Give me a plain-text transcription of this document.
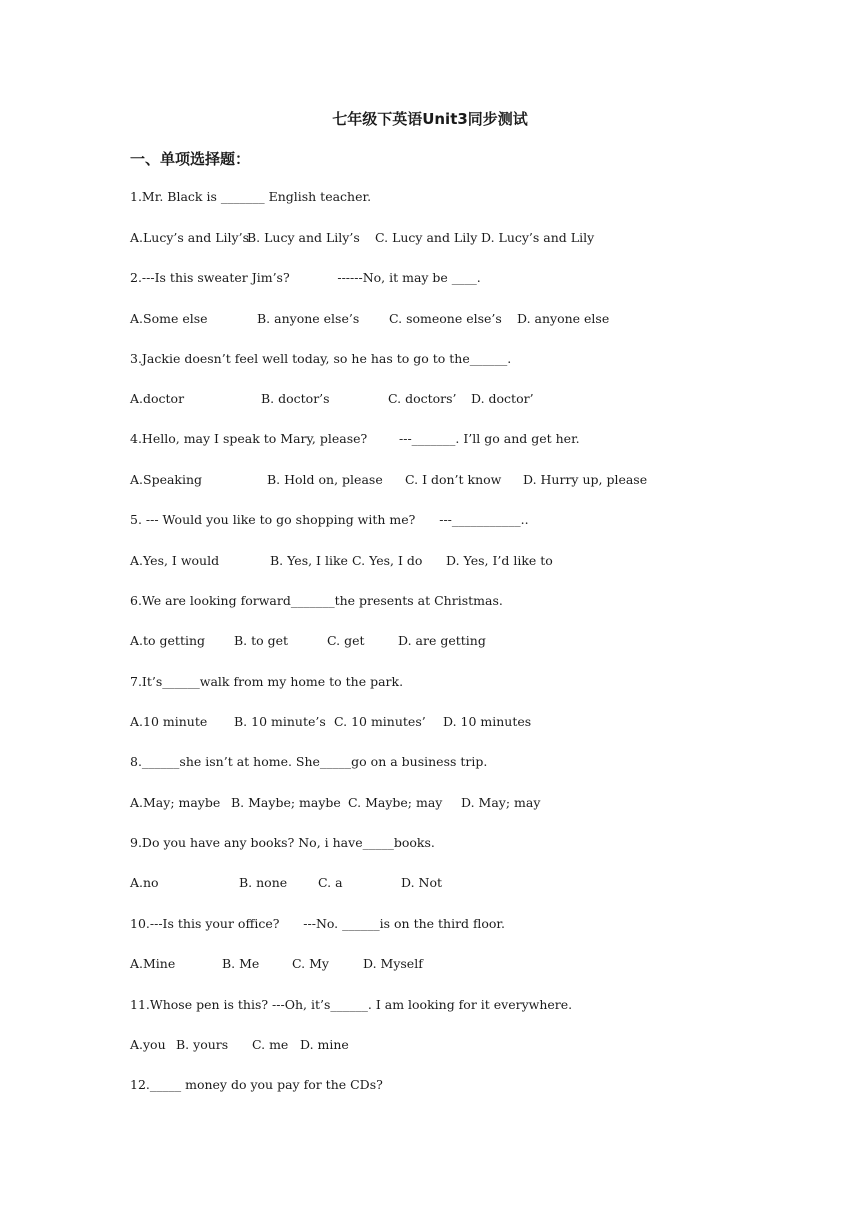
七年级下英语Unit3同步测试
一、单项选择题：
1.Mr. Black is _______ English teacher.
A.Lucy’s and Lily’s
B. Lucy and Lily’s C. Lucy and Lily D. Lucy’s and Lily
2.---Is this sweater Jim’s?            ------No, it may be ____.
A.Some else	B. anyone else’s C. someone else’s D. anyone else
3.Jackie doesn’t feel well today, so he has to go to the______.
A.doctor	B. doctor’s	C. doctors’ D. doctor’
4.Hello, may I speak to Mary, please?        ---_______. I’ll go and get her.
A.Speaking	B. Hold on, please C. I don’t know D. Hurry up, please
5. --- Would you like to go shopping with me?      ---___________..
A.Yes, I would	B. Yes, I like C. Yes, I do D. Yes, I’d like to
6.We are looking forward_______the presents at Christmas.
A.to getting B. to get	C. get	D. are getting
7.It’s______walk from my home to the park.
A.10 minute B. 10 minute’s C. 10 minutes’ D. 10 minutes
8.______she isn’t at home. She_____go on a business trip.
A.May; maybe B. Maybe; maybe C. Maybe; may D. May; may
9.Do you have any books? No, i have_____books.
A.no	B. none C. a	D. Not
10.---Is this your office?      ---No. ______is on the third floor.
A.Mine	B. Me	C. My	D. Myself
11.Whose pen is this? ---Oh, it’s______. I am looking for it everywhere.
A.you B. yours C. me D. mine
12._____ money do you pay for the CDs?
